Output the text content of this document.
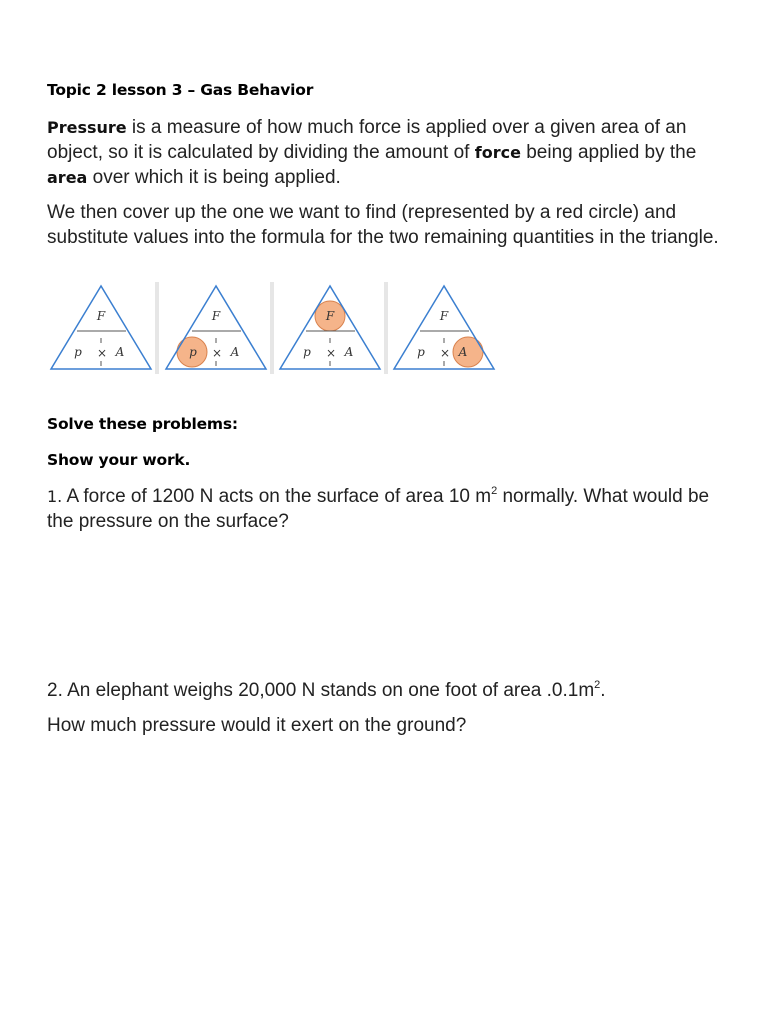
Topic 2 lesson 3 – Gas Behavior

Pressure is a measure of how much force is applied over a given area of an object, so it is calculated by dividing the amount of force being applied by the area over which it is being applied.

We then cover up the one we want to find (represented by a red circle) and substitute values into the formula for the two remaining quantities in the triangle.

F
p × A
F
p × A
F
p × A
F
p × A
Solve these problems:
Show your work.

1. A force of 1200 N acts on the surface of area 10 $m^2$ normally. What would be the pressure on the surface?

2. An elephant weighs 20,000 N stands on one foot of area $.0.1m^2$.

How much pressure would it exert on the ground?
